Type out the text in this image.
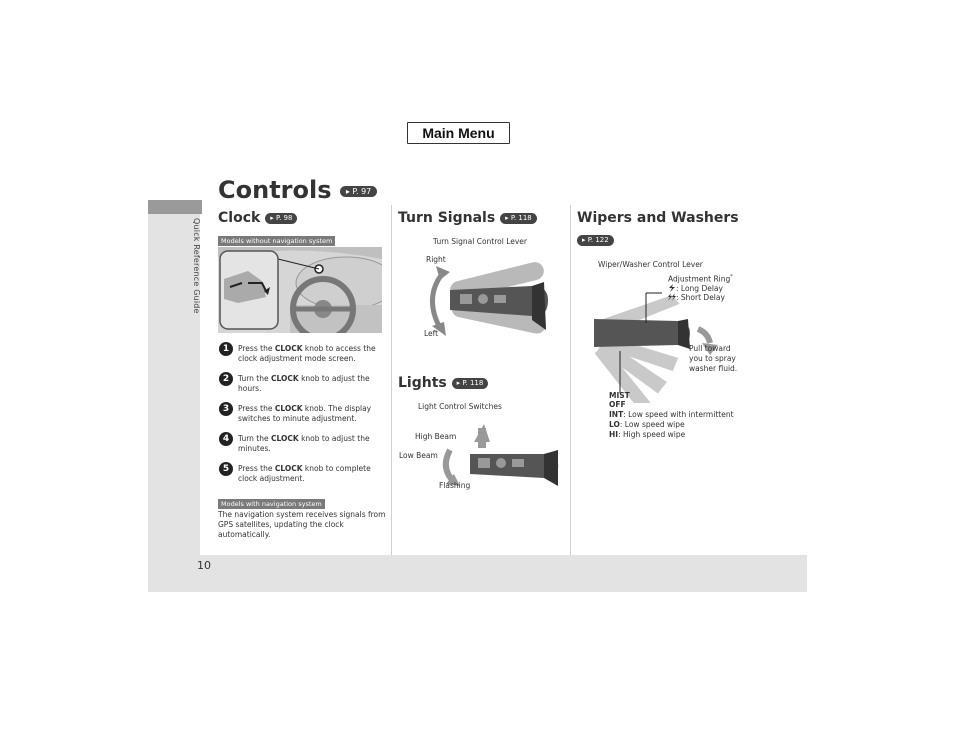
Quick Reference Guide
10
Main Menu
Controls ▸ P. 97
Clock ▸ P. 98
Models without navigation system
1	Press the CLOCK knob to access the clock adjustment mode screen.
2	Turn the CLOCK knob to adjust the hours.
3	Press the CLOCK knob. The display switches to minute adjustment.
4	Turn the CLOCK knob to adjust the minutes.
5	Press the CLOCK knob to complete clock adjustment.
Models with navigation system
The navigation system receives signals from GPS satellites, updating the clock automatically.
Turn Signals ▸ P. 118
Turn Signal Control Lever
Right
Left
Lights ▸ P. 118
Light Control Switches
High Beam
Low Beam
Flashing
Wipers and Washers
▸ P. 122
Wiper/Washer Control Lever
Adjustment Ring*
: Long Delay
: Short Delay
Pull toward you to spray washer fluid.
MIST
OFF
INT: Low speed with intermittent
LO: Low speed wipe
HI: High speed wipe
